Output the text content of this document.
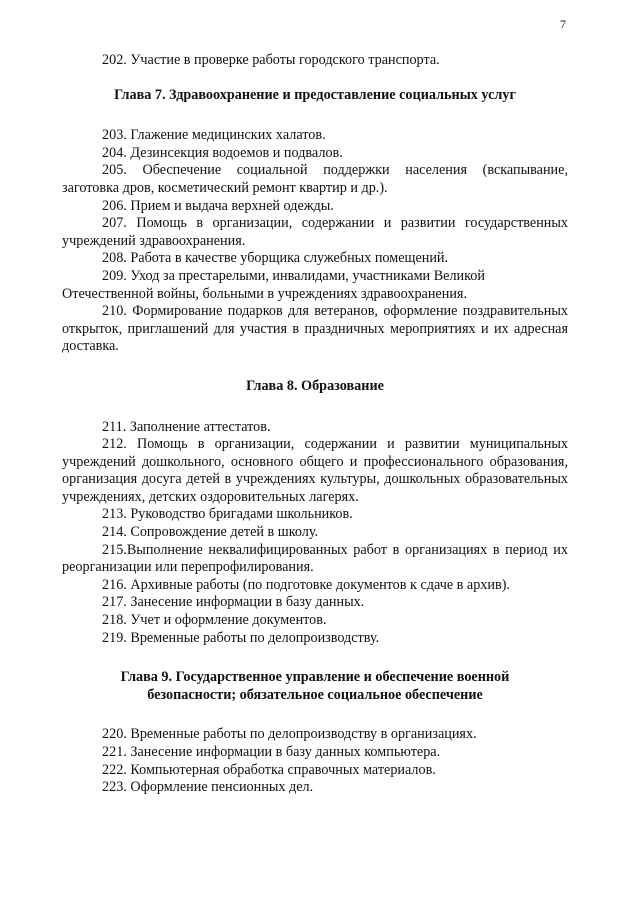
7

202. Участие в проверке работы городского транспорта.

Глава 7. Здравоохранение и предоставление социальных услуг

203. Глажение медицинских халатов.

204. Дезинсекция водоемов и подвалов.

205. Обеспечение социальной поддержки населения (вскапывание, заготовка дров, косметический ремонт квартир и др.).

206. Прием и выдача верхней одежды.

207. Помощь в организации, содержании и развитии государственных учреждений здравоохранения.

208. Работа в качестве уборщика служебных помещений.

209. Уход за престарелыми, инвалидами, участниками Великой Отечественной войны, больными в учреждениях здравоохранения.

210. Формирование подарков для ветеранов, оформление поздравительных открыток, приглашений для участия в праздничных мероприятиях и их адресная доставка.

Глава 8. Образование

211. Заполнение аттестатов.

212. Помощь в организации, содержании и развитии муниципальных учреждений дошкольного, основного общего и профессионального образования, организация досуга детей в учреждениях культуры, дошкольных образовательных учреждениях, детских оздоровительных лагерях.

213. Руководство бригадами школьников.

214. Сопровождение детей в школу.

215.Выполнение неквалифицированных работ в организациях в период их реорганизации или перепрофилирования.

216. Архивные работы (по подготовке документов к сдаче в архив).

217. Занесение информации в базу данных.

218. Учет и оформление документов.

219. Временные работы по делопроизводству.

Глава 9. Государственное управление и обеспечение военной

безопасности; обязательное социальное обеспечение

220. Временные работы по делопроизводству в организациях.

221. Занесение информации в базу данных компьютера.

222. Компьютерная обработка справочных материалов.

223. Оформление пенсионных дел.
